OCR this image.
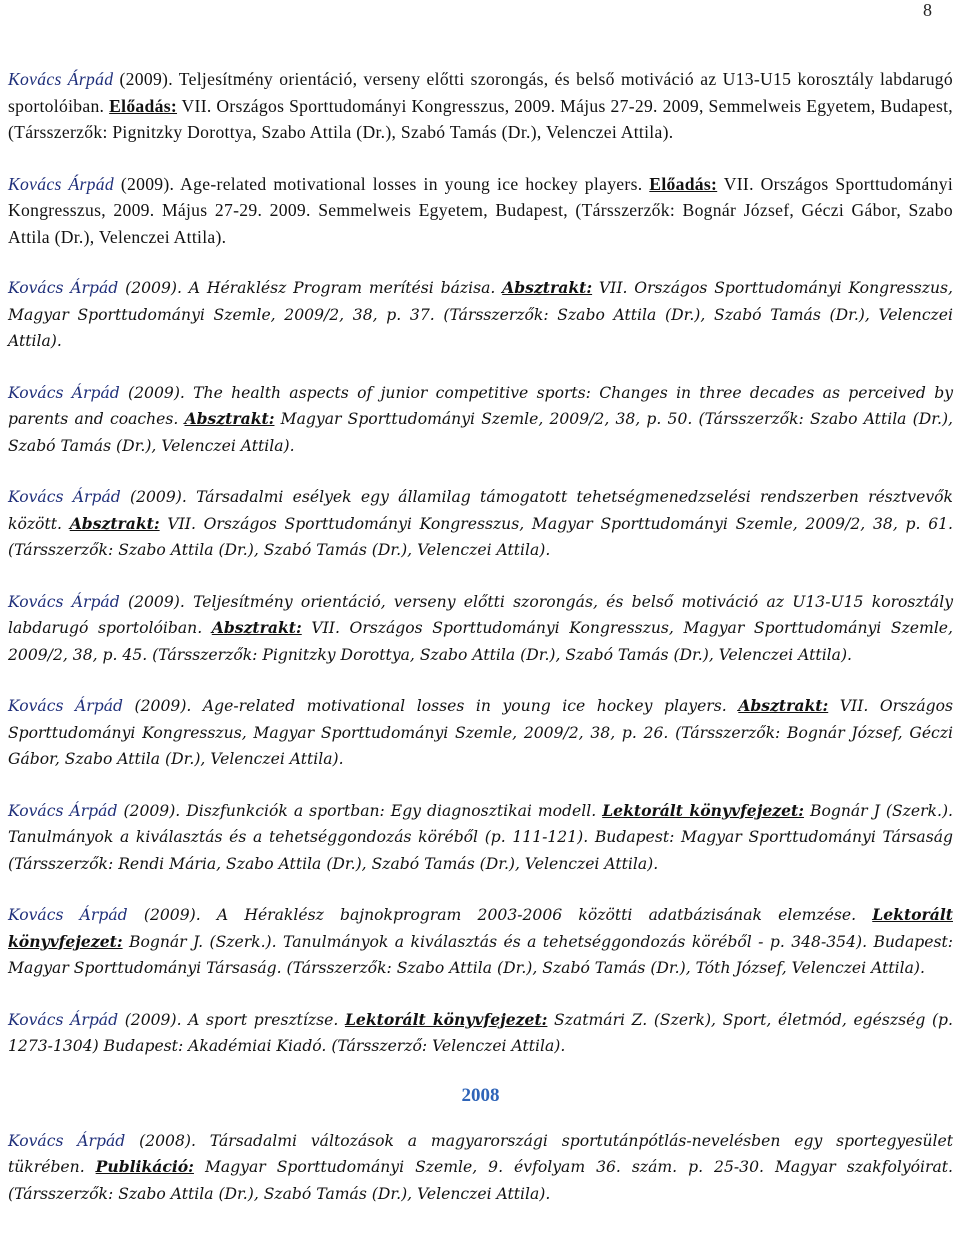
8

Kovács Árpád (2009). Teljesítmény orientáció, verseny előtti szorongás, és belső motiváció az U13-U15 korosztály labdarugó sportolóiban. Előadás: VII. Országos Sporttudományi Kongresszus, 2009. Május 27-29. 2009, Semmelweis Egyetem, Budapest, (Társszerzők: Pignitzky Dorottya, Szabo Attila (Dr.), Szabó Tamás (Dr.), Velenczei Attila).

Kovács Árpád (2009). Age-related motivational losses in young ice hockey players. Előadás: VII. Országos Sporttudományi Kongresszus, 2009. Május 27-29. 2009. Semmelweis Egyetem, Budapest, (Társszerzők: Bognár József, Géczi Gábor, Szabo Attila (Dr.), Velenczei Attila).

Kovács Árpád (2009). A Héraklész Program merítési bázisa. Absztrakt: VII. Országos Sporttudományi Kongresszus, Magyar Sporttudományi Szemle, 2009/2, 38, p. 37. (Társszerzők: Szabo Attila (Dr.), Szabó Tamás (Dr.), Velenczei Attila).

Kovács Árpád (2009). The health aspects of junior competitive sports: Changes in three decades as perceived by parents and coaches. Absztrakt: Magyar Sporttudományi Szemle, 2009/2, 38, p. 50. (Társszerzők: Szabo Attila (Dr.), Szabó Tamás (Dr.), Velenczei Attila).

Kovács Árpád (2009). Társadalmi esélyek egy államilag támogatott tehetségmenedzselési rendszerben résztvevők között. Absztrakt: VII. Országos Sporttudományi Kongresszus, Magyar Sporttudományi Szemle, 2009/2, 38, p. 61. (Társszerzők: Szabo Attila (Dr.), Szabó Tamás (Dr.), Velenczei Attila).

Kovács Árpád (2009). Teljesítmény orientáció, verseny előtti szorongás, és belső motiváció az U13-U15 korosztály labdarugó sportolóiban. Absztrakt: VII. Országos Sporttudományi Kongresszus, Magyar Sporttudományi Szemle, 2009/2, 38, p. 45. (Társszerzők: Pignitzky Dorottya, Szabo Attila (Dr.), Szabó Tamás (Dr.), Velenczei Attila).

Kovács Árpád (2009). Age-related motivational losses in young ice hockey players. Absztrakt: VII. Országos Sporttudományi Kongresszus, Magyar Sporttudományi Szemle, 2009/2, 38, p. 26. (Társszerzők: Bognár József, Géczi Gábor, Szabo Attila (Dr.), Velenczei Attila).

Kovács Árpád (2009). Diszfunkciók a sportban: Egy diagnosztikai modell. Lektorált könyvfejezet: Bognár J (Szerk.). Tanulmányok a kiválasztás és a tehetséggondozás köréből (p. 111-121). Budapest: Magyar Sporttudományi Társaság (Társszerzők: Rendi Mária, Szabo Attila (Dr.), Szabó Tamás (Dr.), Velenczei Attila).

Kovács Árpád (2009). A Héraklész bajnokprogram 2003-2006 közötti adatbázisának elemzése. Lektorált könyvfejezet: Bognár J. (Szerk.). Tanulmányok a kiválasztás és a tehetséggondozás köréből - p. 348-354). Budapest: Magyar Sporttudományi Társaság. (Társszerzők: Szabo Attila (Dr.), Szabó Tamás (Dr.), Tóth József, Velenczei Attila).

Kovács Árpád (2009). A sport presztízse. Lektorált könyvfejezet: Szatmári Z. (Szerk), Sport, életmód, egészség (p. 1273-1304) Budapest: Akadémiai Kiadó. (Társszerző: Velenczei Attila).

2008

Kovács Árpád (2008). Társadalmi változások a magyarországi sportutánpótlás-nevelésben egy sportegyesület tükrében. Publikáció: Magyar Sporttudományi Szemle, 9. évfolyam 36. szám. p. 25-30. Magyar szakfolyóirat. (Társszerzők: Szabo Attila (Dr.), Szabó Tamás (Dr.), Velenczei Attila).
